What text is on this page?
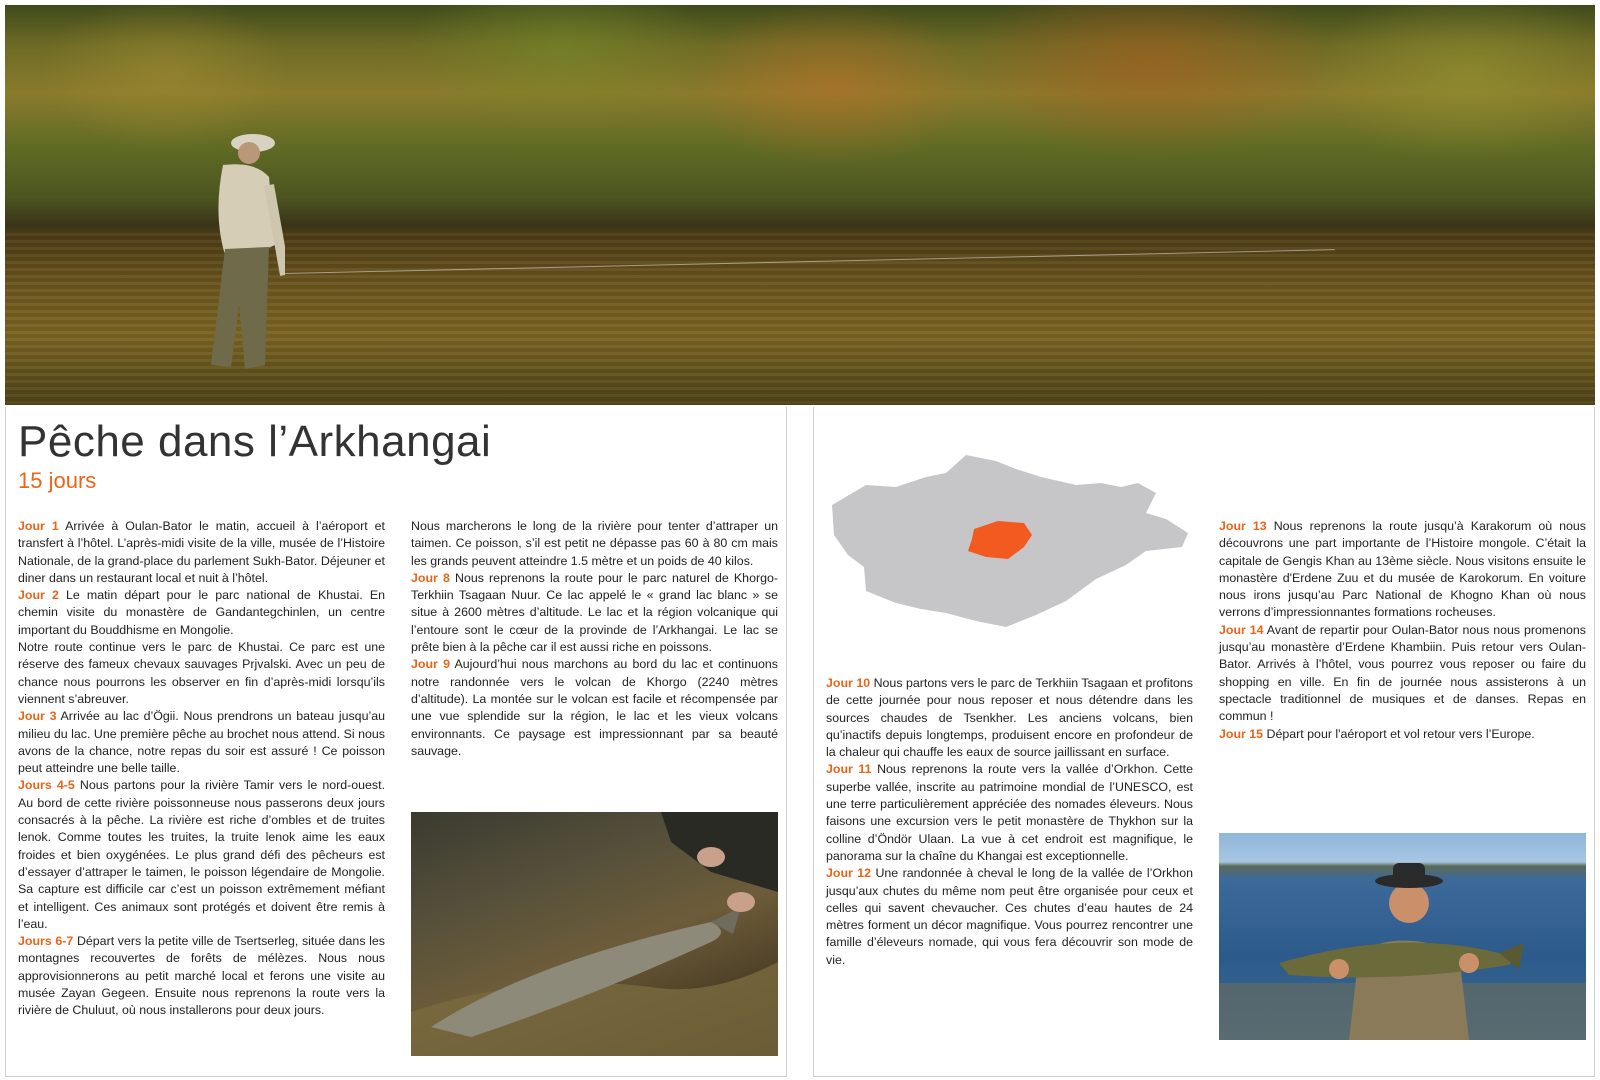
Pêche dans l’Arkhangai
15 jours

Jour 1 Arrivée à Oulan-Bator le matin, accueil à l’aéroport et transfert à l’hôtel. L’après-midi visite de la ville, musée de l’Histoire Nationale, de la grand-place du parlement Sukh-Bator. Déjeuner et diner dans un restaurant local et nuit à l’hôtel.

Jour 2 Le matin départ pour le parc national de Khustai. En chemin visite du monastère de Gandantegchinlen, un centre important du Bouddhisme en Mongolie.

Notre route continue vers le parc de Khustai. Ce parc est une réserve des fameux chevaux sauvages Prjvalski. Avec un peu de chance nous pourrons les observer en fin d’après-midi lorsqu’ils viennent s’abreuver.

Jour 3 Arrivée au lac d’Ögii. Nous prendrons un bateau jusqu’au milieu du lac. Une première pêche au brochet nous attend. Si nous avons de la chance, notre repas du soir est assuré ! Ce poisson peut atteindre une belle taille.

Jours 4-5 Nous partons pour la rivière Tamir vers le nord-ouest. Au bord de cette rivière poissonneuse nous passerons deux jours consacrés à la pêche. La rivière est riche d’ombles et de truites lenok. Comme toutes les truites, la truite lenok aime les eaux froides et bien oxygénées. Le plus grand défi des pêcheurs est d’essayer d’attraper le taimen, le poisson légendaire de Mongolie. Sa capture est difficile car c’est un poisson extrêmement méfiant et intelligent. Ces animaux sont protégés et doivent être remis à l’eau.

Jours 6-7 Départ vers la petite ville de Tsertserleg, située dans les montagnes recouvertes de forêts de mélèzes. Nous nous approvisionnerons au petit marché local et ferons une visite au musée Zayan Gegeen. Ensuite nous reprenons la route vers la rivière de Chuluut, où nous installerons pour deux jours.

Nous marcherons le long de la rivière pour tenter d’attraper un taimen. Ce poisson, s’il est petit ne dépasse pas 60 à 80 cm mais les grands peuvent atteindre 1.5 mètre et un poids de 40 kilos.

Jour 8 Nous reprenons la route pour le parc naturel de Khorgo-Terkhiin Tsagaan Nuur. Ce lac appelé le « grand lac blanc » se situe à 2600 mètres d’altitude. Le lac et la région volcanique qui l’entoure sont le cœur de la provinde de l’Arkhangai. Le lac se prête bien à la pêche car il est aussi riche en poissons.

Jour 9 Aujourd’hui nous marchons au bord du lac et continuons notre randonnée vers le volcan de Khorgo (2240 mètres d’altitude). La montée sur le volcan est facile et récompensée par une vue splendide sur la région, le lac et les vieux volcans environnants. Ce paysage est impressionnant par sa beauté sauvage.

Jour 10 Nous partons vers le parc de Terkhiin Tsagaan et profitons de cette journée pour nous reposer et nous détendre dans les sources chaudes de Tsenkher. Les anciens volcans, bien qu’inactifs depuis longtemps, produisent encore en profondeur de la chaleur qui chauffe les eaux de source jaillissant en surface.

Jour 11 Nous reprenons la route vers la vallée d’Orkhon. Cette superbe vallée, inscrite au patrimoine mondial de l’UNESCO, est une terre particulièrement appréciée des nomades éleveurs. Nous faisons une excursion vers le petit monastère de Thykhon sur la colline d’Öndör Ulaan. La vue à cet endroit est magnifique, le panorama sur la chaîne du Khangai est exceptionnelle.

Jour 12 Une randonnée à cheval le long de la vallée de l’Orkhon jusqu’aux chutes du même nom peut être organisée pour ceux et celles qui savent chevaucher. Ces chutes d’eau hautes de 24 mètres forment un décor magnifique. Vous pourrez rencontrer une famille d’éleveurs nomade, qui vous fera découvrir son mode de vie.

Jour 13 Nous reprenons la route jusqu’à Karakorum où nous découvrons une part importante de l’Histoire mongole. C’était la capitale de Gengis Khan au 13ème siècle. Nous visitons ensuite le monastère d'Erdene Zuu et du musée de Karokorum. En voiture nous irons jusqu’au Parc National de Khogno Khan où nous verrons d’impressionnantes formations rocheuses.

Jour 14 Avant de repartir pour Oulan-Bator nous nous promenons jusqu’au monastère d’Erdene Khambiin. Puis retour vers Oulan-Bator. Arrivés à l’hôtel, vous pourrez vous reposer ou faire du shopping en ville. En fin de journée nous assisterons à un spectacle traditionnel de musiques et de danses. Repas en commun !

Jour 15 Départ pour l'aéroport et vol retour vers l’Europe.
